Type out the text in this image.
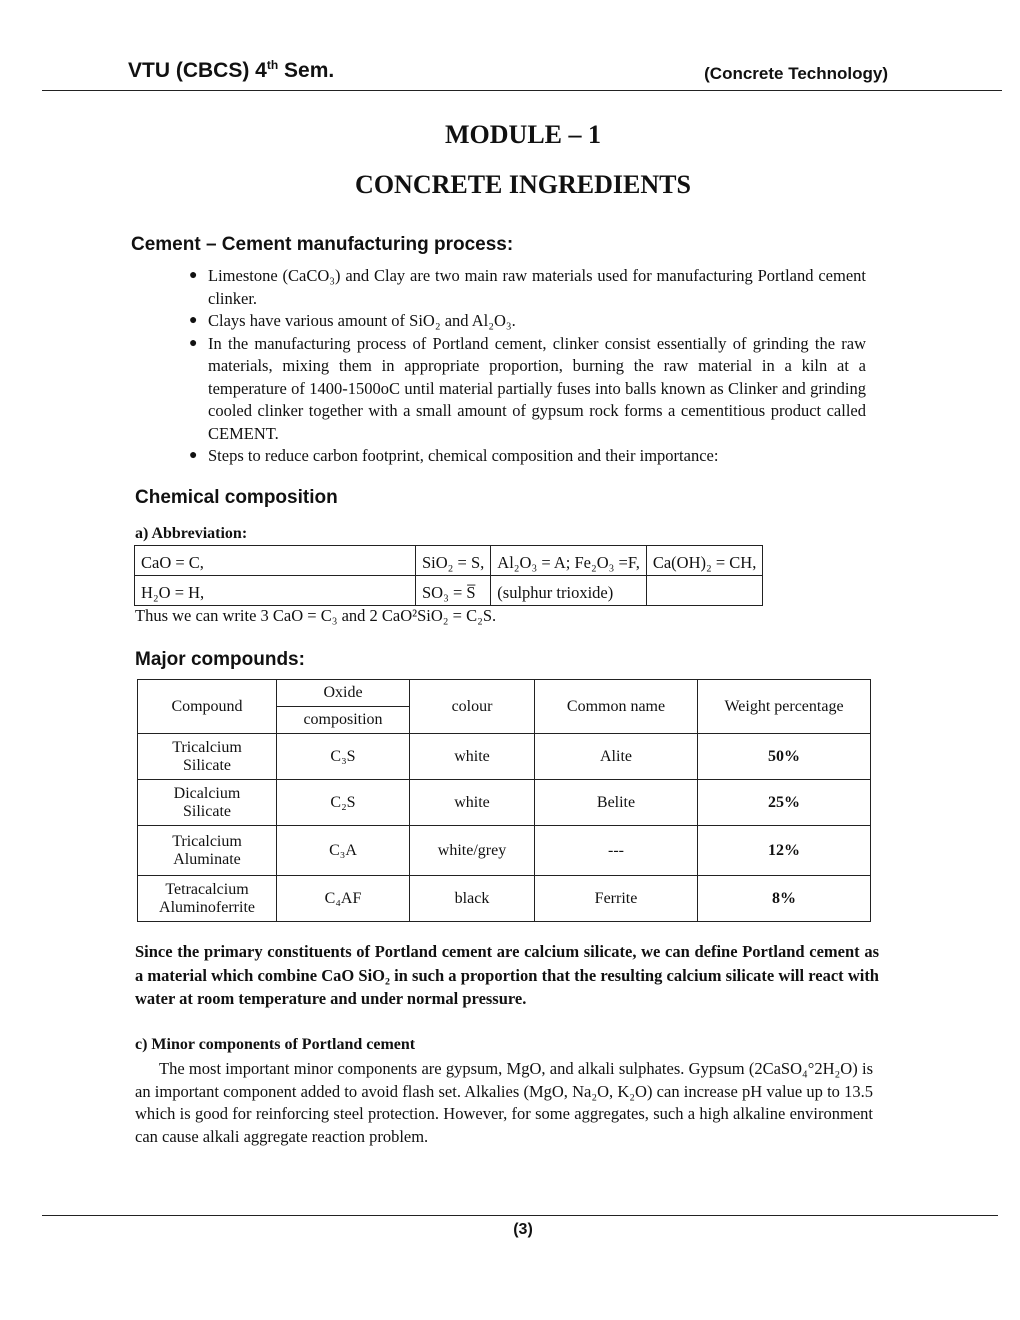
VTU (CBCS) 4th Sem.	(Concrete Technology)
MODULE – 1
CONCRETE INGREDIENTS
Cement – Cement manufacturing process:
● Limestone (CaCO₃) and Clay are two main raw materials used for manufacturing Portland cement clinker.
● Clays have various amount of SiO₂ and Al₂O₃.
● In the manufacturing process of Portland cement, clinker consist essentially of grinding the raw materials, mixing them in appropriate proportion, burning the raw material in a kiln at a temperature of 1400-1500oC until material partially fuses into balls known as Clinker and grinding cooled clinker together with a small amount of gypsum rock forms a cementitious product called CEMENT.
● Steps to reduce carbon footprint, chemical composition and their importance:
Chemical composition
a) Abbreviation:
CaO = C,	SiO₂ = S,	Al₂O₃ = A; Fe₂O₃ =F,	Ca(OH)₂ = CH,
H₂O = H,	SO₃ = S̅	(sulphur trioxide)	
Thus we can write 3 CaO = C₃ and 2 CaO²SiO₂ = C₂S.
Major compounds:
Compound	Oxide	colour	Common name	Weight percentage
	composition			
Tricalcium
Silicate	C₃S	white	Alite	50%
Dicalcium
Silicate	C₂S	white	Belite	25%
Tricalcium
Aluminate	C₃A	white/grey	---	12%
Tetracalcium
Aluminoferrite	C₄AF	black	Ferrite	8%

Since the primary constituents of Portland cement are calcium silicate, we can define Portland cement as a material which combine CaO SiO₂ in such a proportion that the resulting calcium silicate will react with water at room temperature and under normal pressure.

c) Minor components of Portland cement

The most important minor components are gypsum, MgO, and alkali sulphates. Gypsum (2CaSO₄°2H₂O) is an important component added to avoid flash set. Alkalies (MgO, Na₂O, K₂O) can increase pH value up to 13.5 which is good for reinforcing steel protection. However, for some aggregates, such a high alkaline environment can cause alkali aggregate reaction problem.

(3)
